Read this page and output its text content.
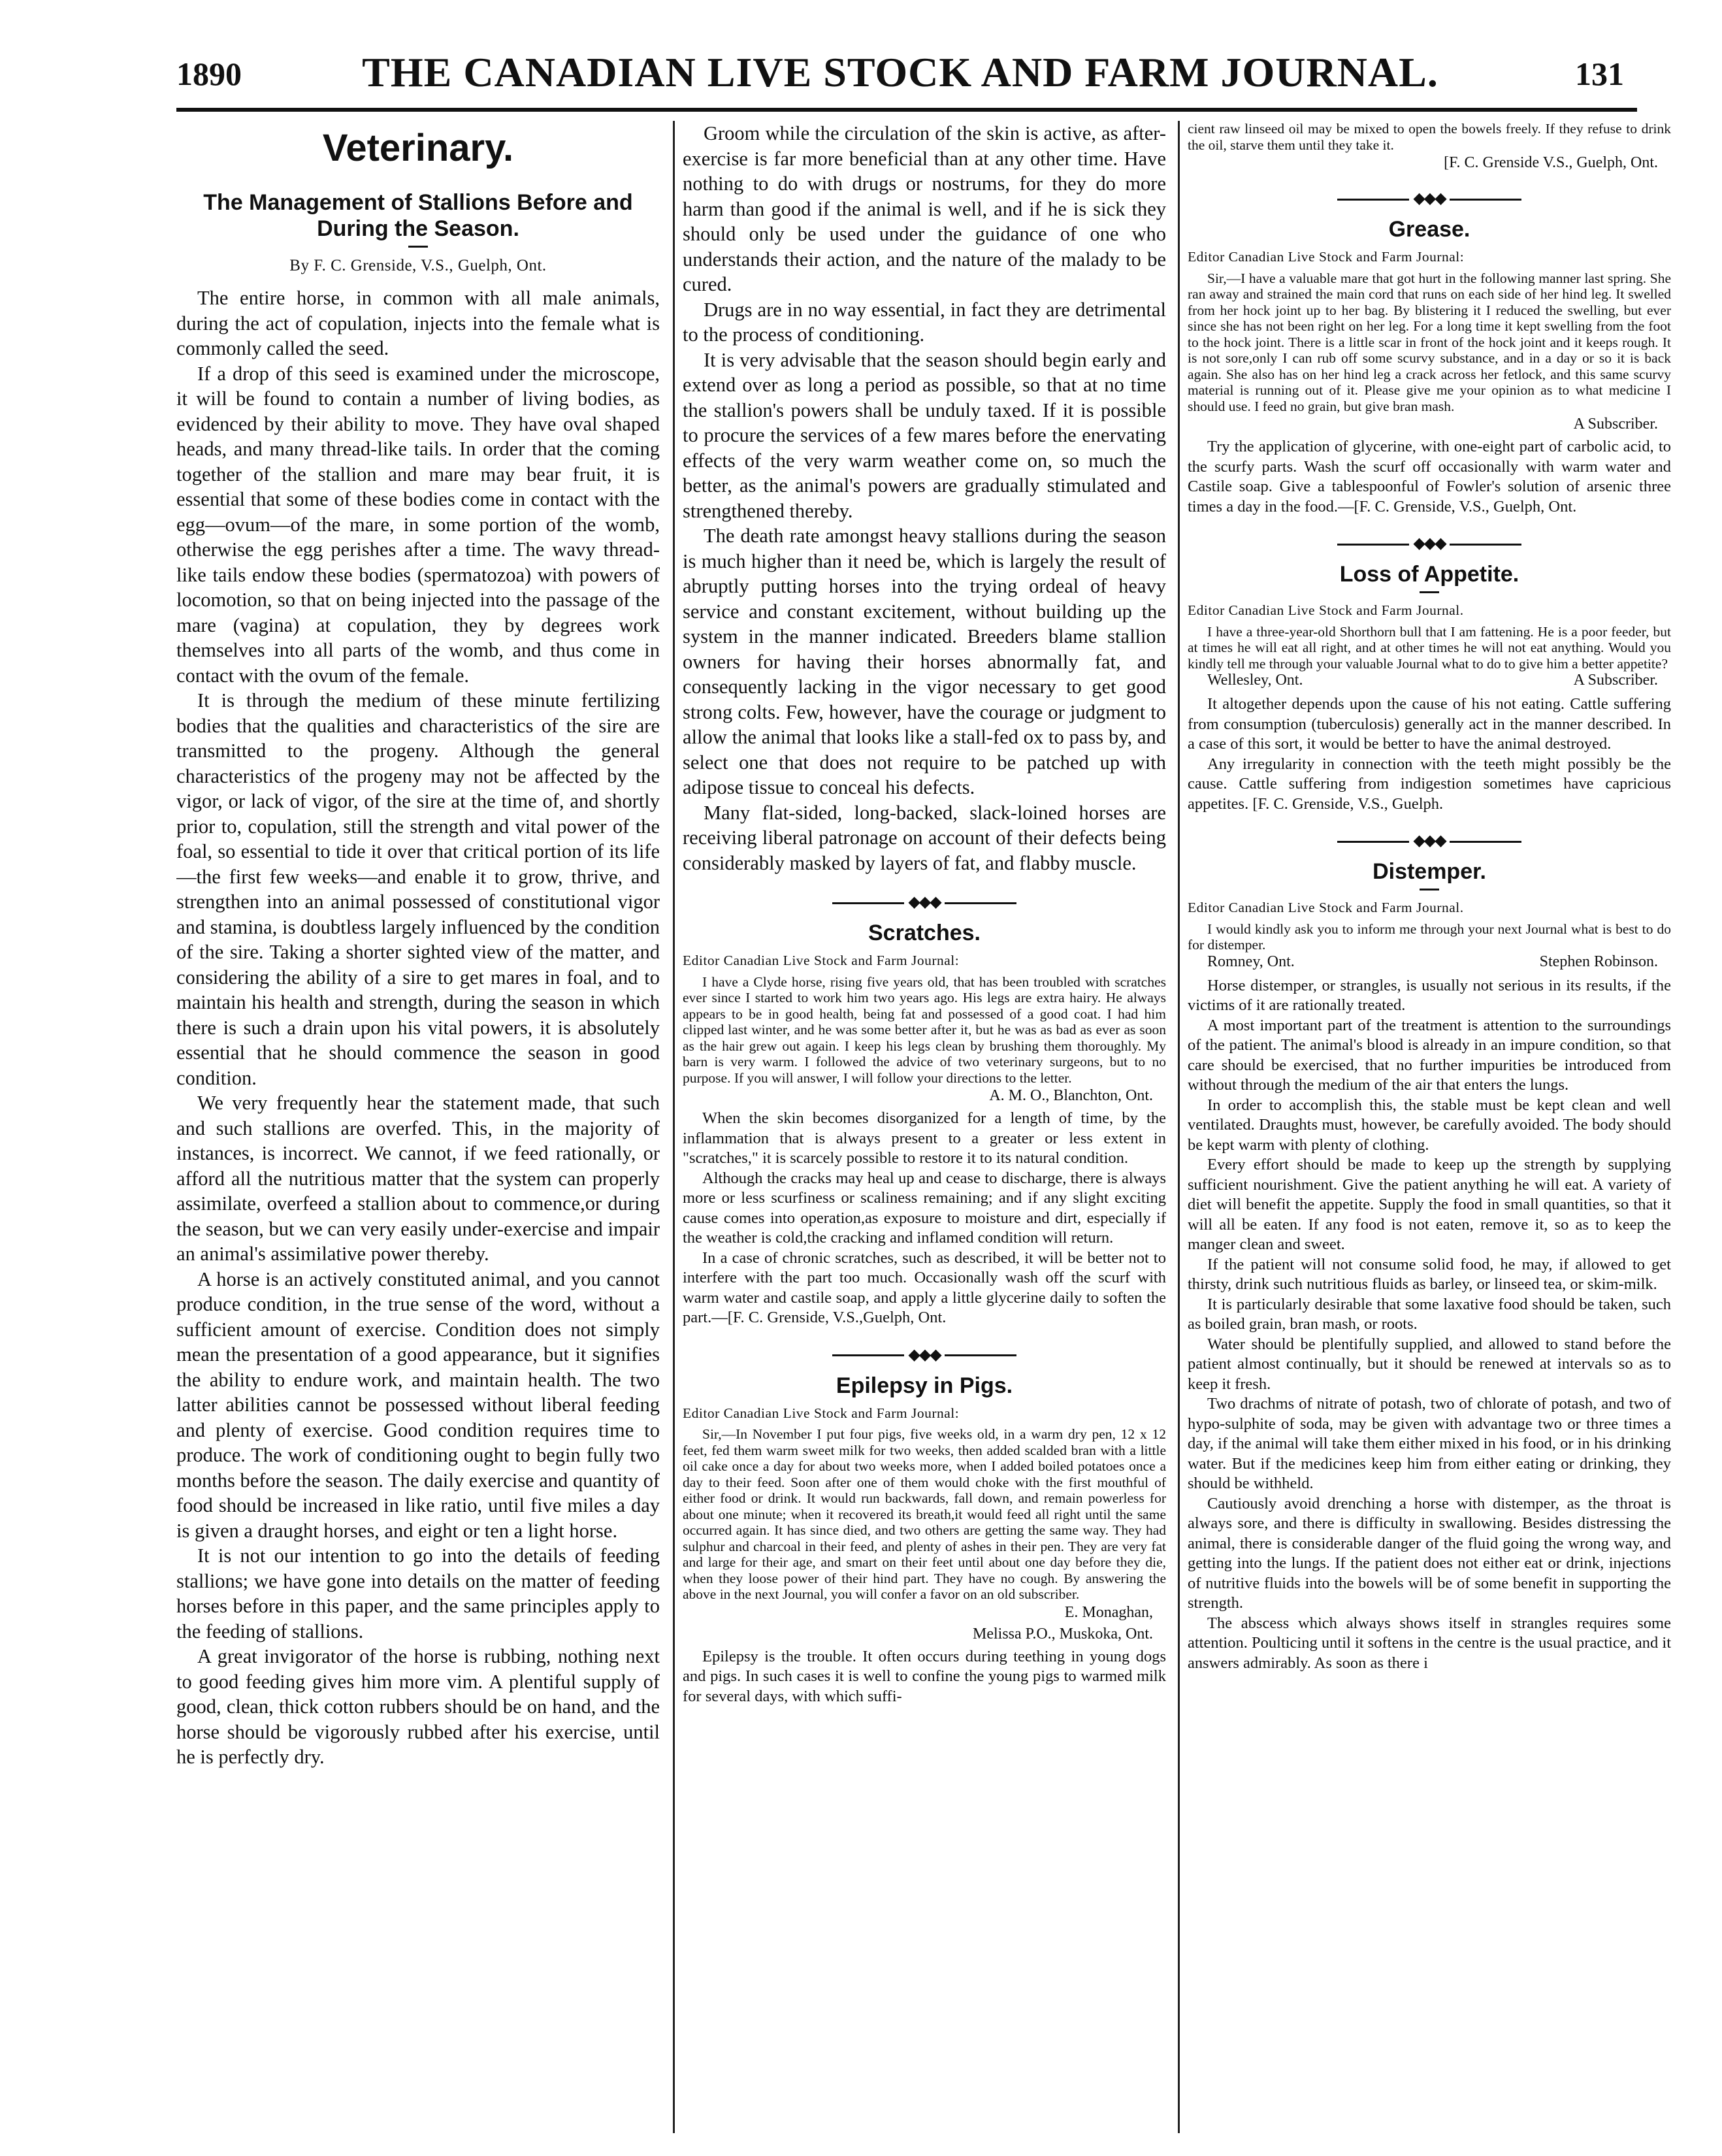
1890	THE CANADIAN LIVE STOCK AND FARM JOURNAL.	131
Veterinary.
The Management of Stallions Before and During the Season.
By F. C. Grenside, V.S., Guelph, Ont.

The entire horse, in common with all male animals, during the act of copulation, injects into the female what is commonly called the seed.

If a drop of this seed is examined under the microscope, it will be found to contain a number of living bodies, as evidenced by their ability to move. They have oval shaped heads, and many thread-like tails. In order that the coming together of the stallion and mare may bear fruit, it is essential that some of these bodies come in contact with the egg—ovum—of the mare, in some portion of the womb, otherwise the egg perishes after a time. The wavy thread-like tails endow these bodies (spermatozoa) with powers of locomotion, so that on being injected into the passage of the mare (vagina) at copulation, they by degrees work themselves into all parts of the womb, and thus come in contact with the ovum of the female.

It is through the medium of these minute fertilizing bodies that the qualities and characteristics of the sire are transmitted to the progeny. Although the general characteristics of the progeny may not be affected by the vigor, or lack of vigor, of the sire at the time of, and shortly prior to, copulation, still the strength and vital power of the foal, so essential to tide it over that critical portion of its life—the first few weeks—and enable it to grow, thrive, and strengthen into an animal possessed of constitutional vigor and stamina, is doubtless largely influenced by the condition of the sire. Taking a shorter sighted view of the matter, and considering the ability of a sire to get mares in foal, and to maintain his health and strength, during the season in which there is such a drain upon his vital powers, it is absolutely essential that he should commence the season in good condition.

We very frequently hear the statement made, that such and such stallions are overfed. This, in the majority of instances, is incorrect. We cannot, if we feed rationally, or afford all the nutritious matter that the system can properly assimilate, overfeed a stallion about to commence,or during the season, but we can very easily under-exercise and impair an animal's assimilative power thereby.

A horse is an actively constituted animal, and you cannot produce condition, in the true sense of the word, without a sufficient amount of exercise. Condition does not simply mean the presentation of a good appearance, but it signifies the ability to endure work, and maintain health. The two latter abilities cannot be possessed without liberal feeding and plenty of exercise. Good condition requires time to produce. The work of conditioning ought to begin fully two months before the season. The daily exercise and quantity of food should be increased in like ratio, until five miles a day is given a draught horses, and eight or ten a light horse.

It is not our intention to go into the details of feeding stallions; we have gone into details on the matter of feeding horses before in this paper, and the same principles apply to the feeding of stallions.

A great invigorator of the horse is rubbing, nothing next to good feeding gives him more vim. A plentiful supply of good, clean, thick cotton rubbers should be on hand, and the horse should be vigorously rubbed after his exercise, until he is perfectly dry.

Groom while the circulation of the skin is active, as after-exercise is far more beneficial than at any other time. Have nothing to do with drugs or nostrums, for they do more harm than good if the animal is well, and if he is sick they should only be used under the guidance of one who understands their action, and the nature of the malady to be cured.

Drugs are in no way essential, in fact they are detrimental to the process of conditioning.

It is very advisable that the season should begin early and extend over as long a period as possible, so that at no time the stallion's powers shall be unduly taxed. If it is possible to procure the services of a few mares before the enervating effects of the very warm weather come on, so much the better, as the animal's powers are gradually stimulated and strengthened thereby.

The death rate amongst heavy stallions during the season is much higher than it need be, which is largely the result of abruptly putting horses into the trying ordeal of heavy service and constant excitement, without building up the system in the manner indicated. Breeders blame stallion owners for having their horses abnormally fat, and consequently lacking in the vigor necessary to get good strong colts. Few, however, have the courage or judgment to allow the animal that looks like a stall-fed ox to pass by, and select one that does not require to be patched up with adipose tissue to conceal his defects.

Many flat-sided, long-backed, slack-loined horses are receiving liberal patronage on account of their defects being considerably masked by layers of fat, and flabby muscle.

◆◆◆
Scratches.

Editor Canadian Live Stock and Farm Journal:

I have a Clyde horse, rising five years old, that has been troubled with scratches ever since I started to work him two years ago. His legs are extra hairy. He always appears to be in good health, being fat and possessed of a good coat. I had him clipped last winter, and he was some better after it, but he was as bad as ever as soon as the hair grew out again. I keep his legs clean by brushing them thoroughly. My barn is very warm. I followed the advice of two veterinary surgeons, but to no purpose. If you will answer, I will follow your directions to the letter.

A. M. O., Blanchton, Ont.

When the skin becomes disorganized for a length of time, by the inflammation that is always present to a greater or less extent in "scratches," it is scarcely possible to restore it to its natural condition.

Although the cracks may heal up and cease to discharge, there is always more or less scurfiness or scaliness remaining; and if any slight exciting cause comes into operation,as exposure to moisture and dirt, especially if the weather is cold,the cracking and inflamed condition will return.

In a case of chronic scratches, such as described, it will be better not to interfere with the part too much. Occasionally wash off the scurf with warm water and castile soap, and apply a little glycerine daily to soften the part.—[F. C. Grenside, V.S.,Guelph, Ont.

◆◆◆
Epilepsy in Pigs.

Editor Canadian Live Stock and Farm Journal:

Sir,—In November I put four pigs, five weeks old, in a warm dry pen, 12 x 12 feet, fed them warm sweet milk for two weeks, then added scalded bran with a little oil cake once a day for about two weeks more, when I added boiled potatoes once a day to their feed. Soon after one of them would choke with the first mouthful of either food or drink. It would run backwards, fall down, and remain powerless for about one minute; when it recovered its breath,it would feed all right until the same occurred again. It has since died, and two others are getting the same way. They had sulphur and charcoal in their feed, and plenty of ashes in their pen. They are very fat and large for their age, and smart on their feet until about one day before they die, when they loose power of their hind part. They have no cough. By answering the above in the next Journal, you will confer a favor on an old subscriber.

E. Monaghan,
Melissa P.O., Muskoka, Ont.

Epilepsy is the trouble. It often occurs during teething in young dogs and pigs. In such cases it is well to confine the young pigs to warmed milk for several days, with which suffi-

cient raw linseed oil may be mixed to open the bowels freely. If they refuse to drink the oil, starve them until they take it.

[F. C. Grenside V.S., Guelph, Ont.
◆◆◆
Grease.

Editor Canadian Live Stock and Farm Journal:

Sir,—I have a valuable mare that got hurt in the following manner last spring. She ran away and strained the main cord that runs on each side of her hind leg. It swelled from her hock joint up to her bag. By blistering it I reduced the swelling, but ever since she has not been right on her leg. For a long time it kept swelling from the foot to the hock joint. There is a little scar in front of the hock joint and it keeps rough. It is not sore,only I can rub off some scurvy substance, and in a day or so it is back again. She also has on her hind leg a crack across her fetlock, and this same scurvy material is running out of it. Please give me your opinion as to what medicine I should use. I feed no grain, but give bran mash.

A Subscriber.

Try the application of glycerine, with one-eight part of carbolic acid, to the scurfy parts. Wash the scurf off occasionally with warm water and Castile soap. Give a tablespoonful of Fowler's solution of arsenic three times a day in the food.—[F. C. Grenside, V.S., Guelph, Ont.

◆◆◆
Loss of Appetite.

Editor Canadian Live Stock and Farm Journal.

I have a three-year-old Shorthorn bull that I am fattening. He is a poor feeder, but at times he will eat all right, and at other times he will not eat anything. Would you kindly tell me through your valuable Journal what to do to give him a better appetite?

Wellesley, Ont.	A Subscriber.

It altogether depends upon the cause of his not eating. Cattle suffering from consumption (tuberculosis) generally act in the manner described. In a case of this sort, it would be better to have the animal destroyed.

Any irregularity in connection with the teeth might possibly be the cause. Cattle suffering from indigestion sometimes have capricious appetites. [F. C. Grenside, V.S., Guelph.

◆◆◆
Distemper.

Editor Canadian Live Stock and Farm Journal.

I would kindly ask you to inform me through your next Journal what is best to do for distemper.

Romney, Ont.	Stephen Robinson.

Horse distemper, or strangles, is usually not serious in its results, if the victims of it are rationally treated.

A most important part of the treatment is attention to the surroundings of the patient. The animal's blood is already in an impure condition, so that care should be exercised, that no further impurities be introduced from without through the medium of the air that enters the lungs.

In order to accomplish this, the stable must be kept clean and well ventilated. Draughts must, however, be carefully avoided. The body should be kept warm with plenty of clothing.

Every effort should be made to keep up the strength by supplying sufficient nourishment. Give the patient anything he will eat. A variety of diet will benefit the appetite. Supply the food in small quantities, so that it will all be eaten. If any food is not eaten, remove it, so as to keep the manger clean and sweet.

If the patient will not consume solid food, he may, if allowed to get thirsty, drink such nutritious fluids as barley, or linseed tea, or skim-milk.

It is particularly desirable that some laxative food should be taken, such as boiled grain, bran mash, or roots.

Water should be plentifully supplied, and allowed to stand before the patient almost continually, but it should be renewed at intervals so as to keep it fresh.

Two drachms of nitrate of potash, two of chlorate of potash, and two of hypo-sulphite of soda, may be given with advantage two or three times a day, if the animal will take them either mixed in his food, or in his drinking water. But if the medicines keep him from either eating or drinking, they should be withheld.

Cautiously avoid drenching a horse with distemper, as the throat is always sore, and there is difficulty in swallowing. Besides distressing the animal, there is considerable danger of the fluid going the wrong way, and getting into the lungs. If the patient does not either eat or drink, injections of nutritive fluids into the bowels will be of some benefit in supporting the strength.

The abscess which always shows itself in strangles requires some attention. Poulticing until it softens in the centre is the usual practice, and it answers admirably. As soon as there i
